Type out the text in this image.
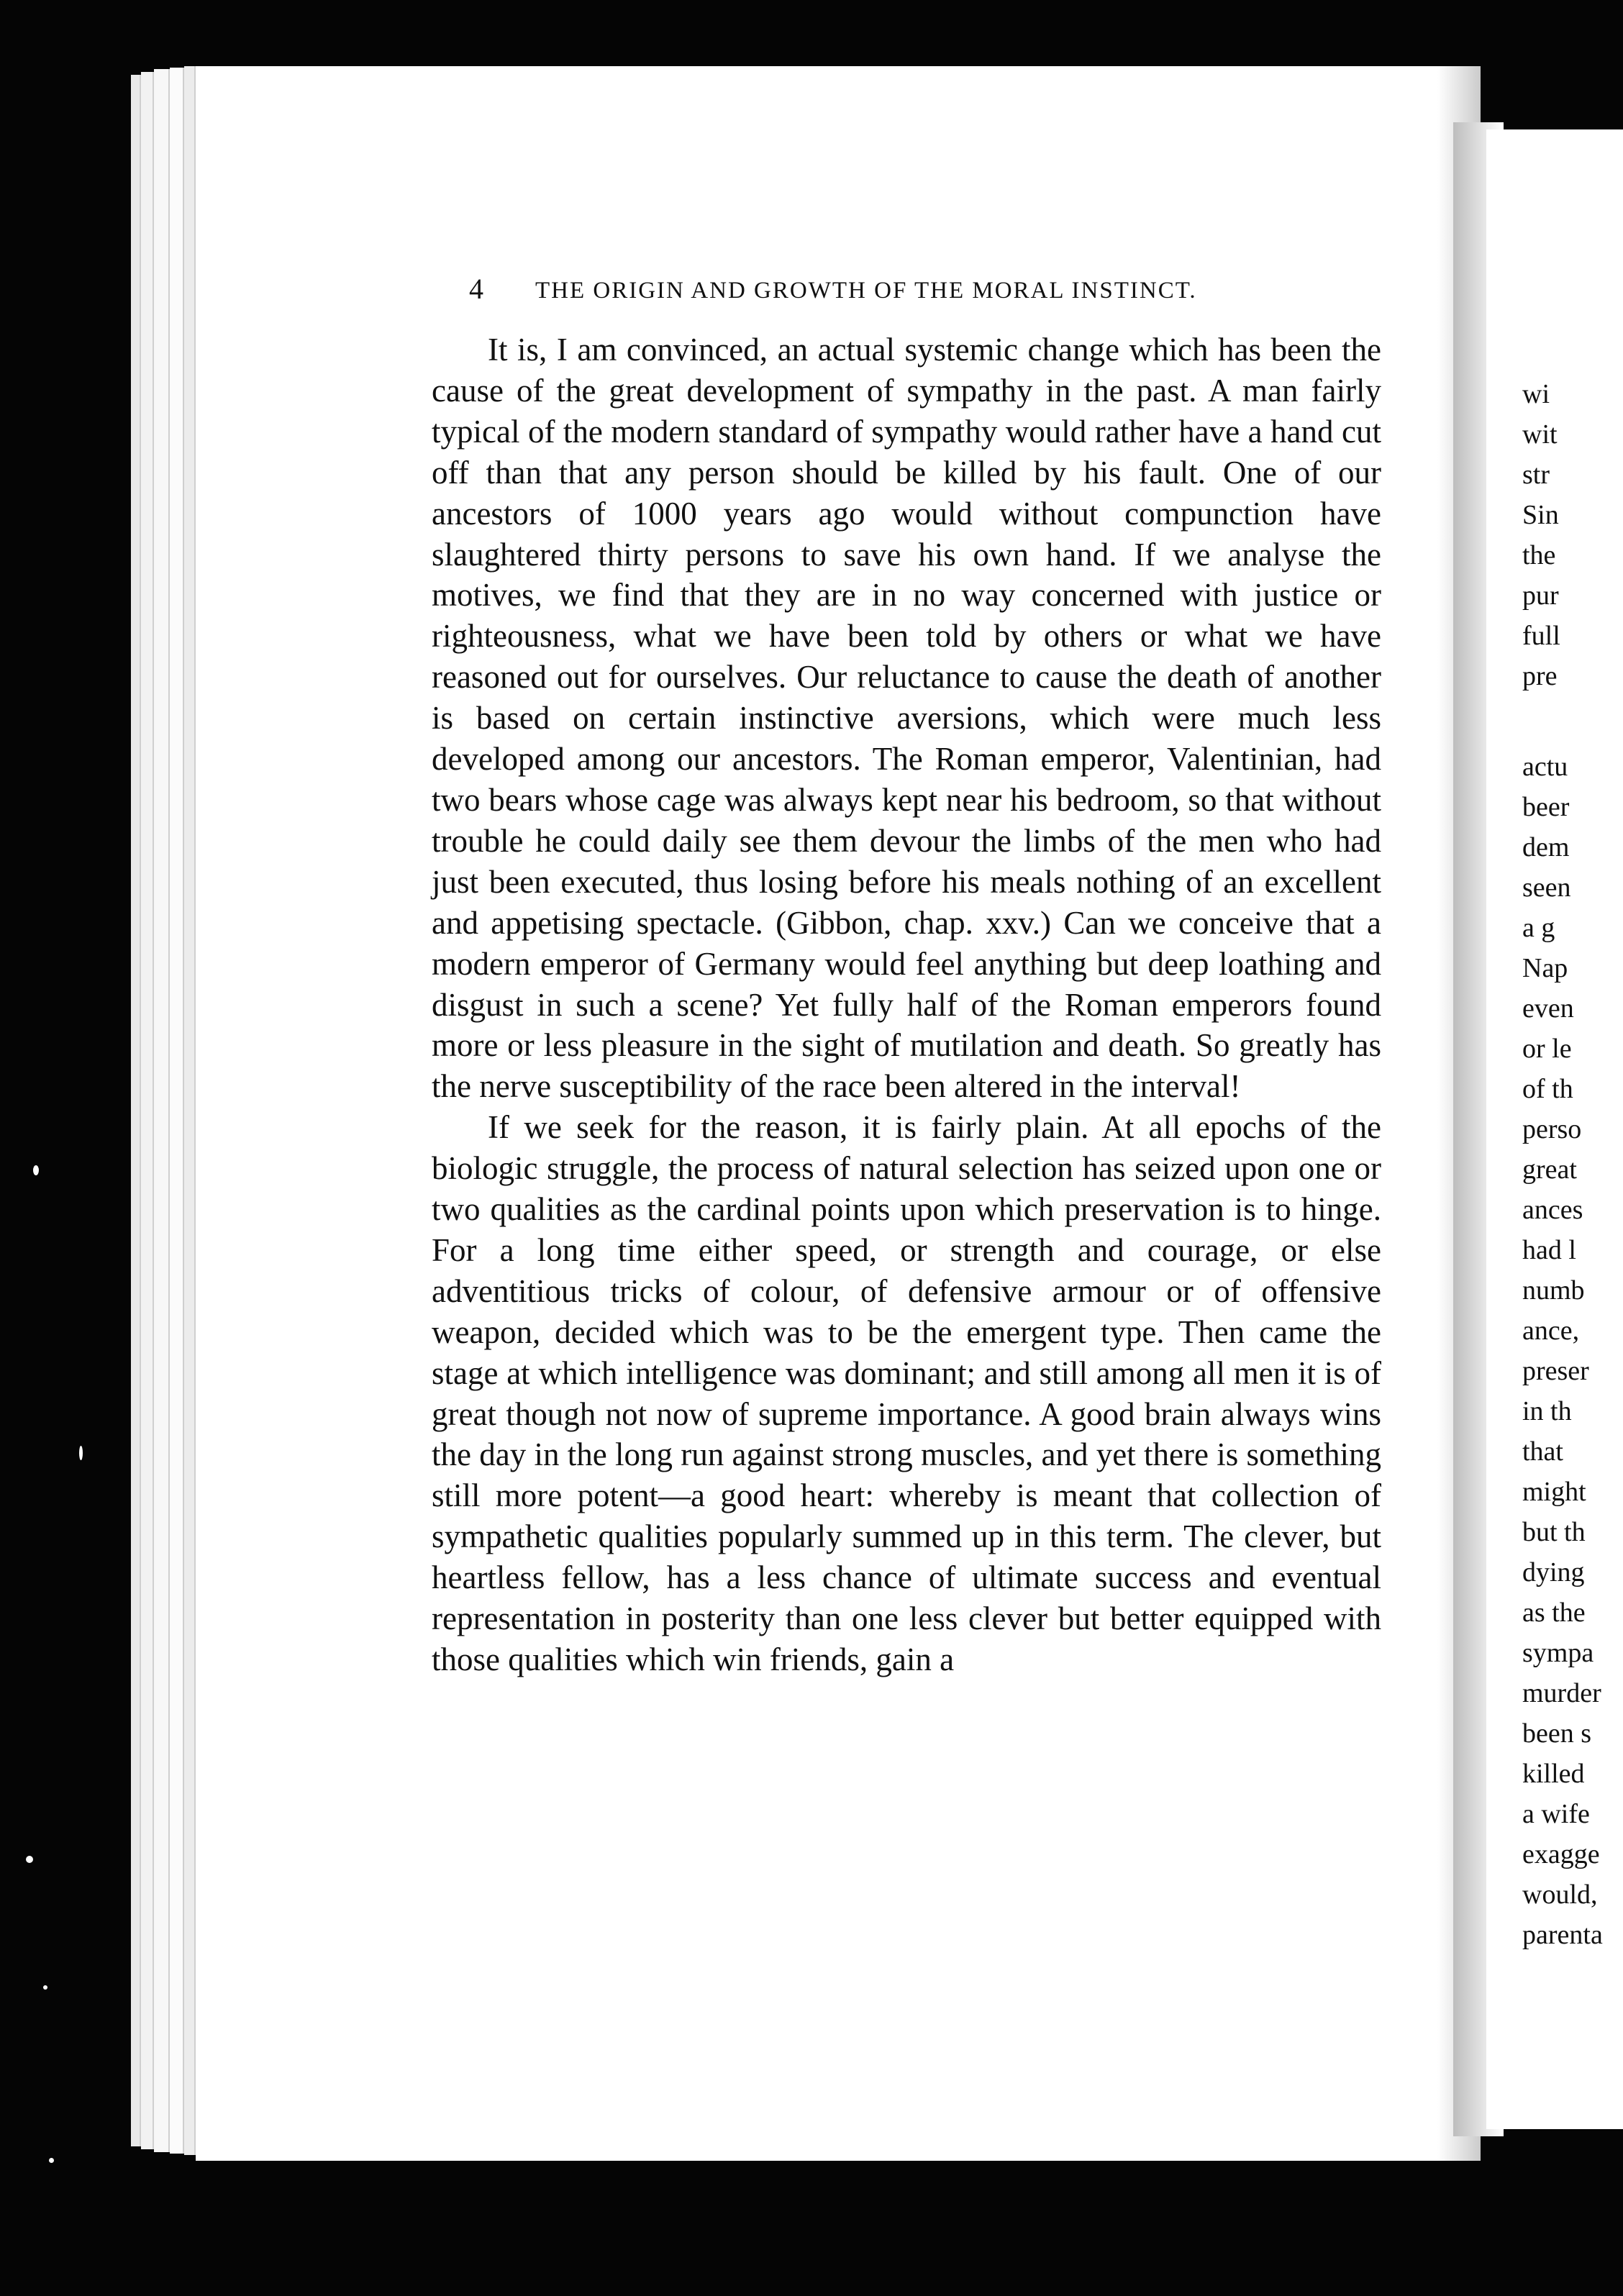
4 THE ORIGIN AND GROWTH OF THE MORAL INSTINCT.

It is, I am convinced, an actual systemic change which has been the cause of the great development of sympathy in the past. A man fairly typical of the modern standard of sympathy would rather have a hand cut off than that any person should be killed by his fault. One of our ancestors of 1000 years ago would without compunction have slaughtered thirty persons to save his own hand. If we analyse the motives, we find that they are in no way concerned with justice or righteousness, what we have been told by others or what we have reasoned out for ourselves. Our reluctance to cause the death of another is based on certain instinctive aversions, which were much less developed among our ancestors. The Roman emperor, Valentinian, had two bears whose cage was always kept near his bedroom, so that without trouble he could daily see them devour the limbs of the men who had just been executed, thus losing before his meals nothing of an excellent and appetising spectacle. (Gibbon, chap. xxv.) Can we conceive that a modern emperor of Germany would feel anything but deep loathing and disgust in such a scene? Yet fully half of the Roman emperors found more or less pleasure in the sight of mutilation and death. So greatly has the nerve susceptibility of the race been altered in the interval!

If we seek for the reason, it is fairly plain. At all epochs of the biologic struggle, the process of natural selection has seized upon one or two qualities as the cardinal points upon which preservation is to hinge. For a long time either speed, or strength and courage, or else adventitious tricks of colour, of defensive armour or of offensive weapon, decided which was to be the emergent type. Then came the stage at which intelligence was dominant; and still among all men it is of great though not now of supreme importance. A good brain always wins the day in the long run against strong muscles, and yet there is something still more potent—a good heart: whereby is meant that collection of sympathetic qualities popularly summed up in this term. The clever, but heartless fellow, has a less chance of ultimate success and eventual representation in posterity than one less clever but better equipped with those qualities which win friends, gain a

wi
wit
str
Sin
the
pur
full
pre
actu
beer
dem
seen
a g
Nap
even
or le
of th
perso
great
ances
had l
numb
ance,
preser
in th
that
might
but th
dying
as the
sympa
murder
been s
killed
a wife
exagge
would,
parenta
